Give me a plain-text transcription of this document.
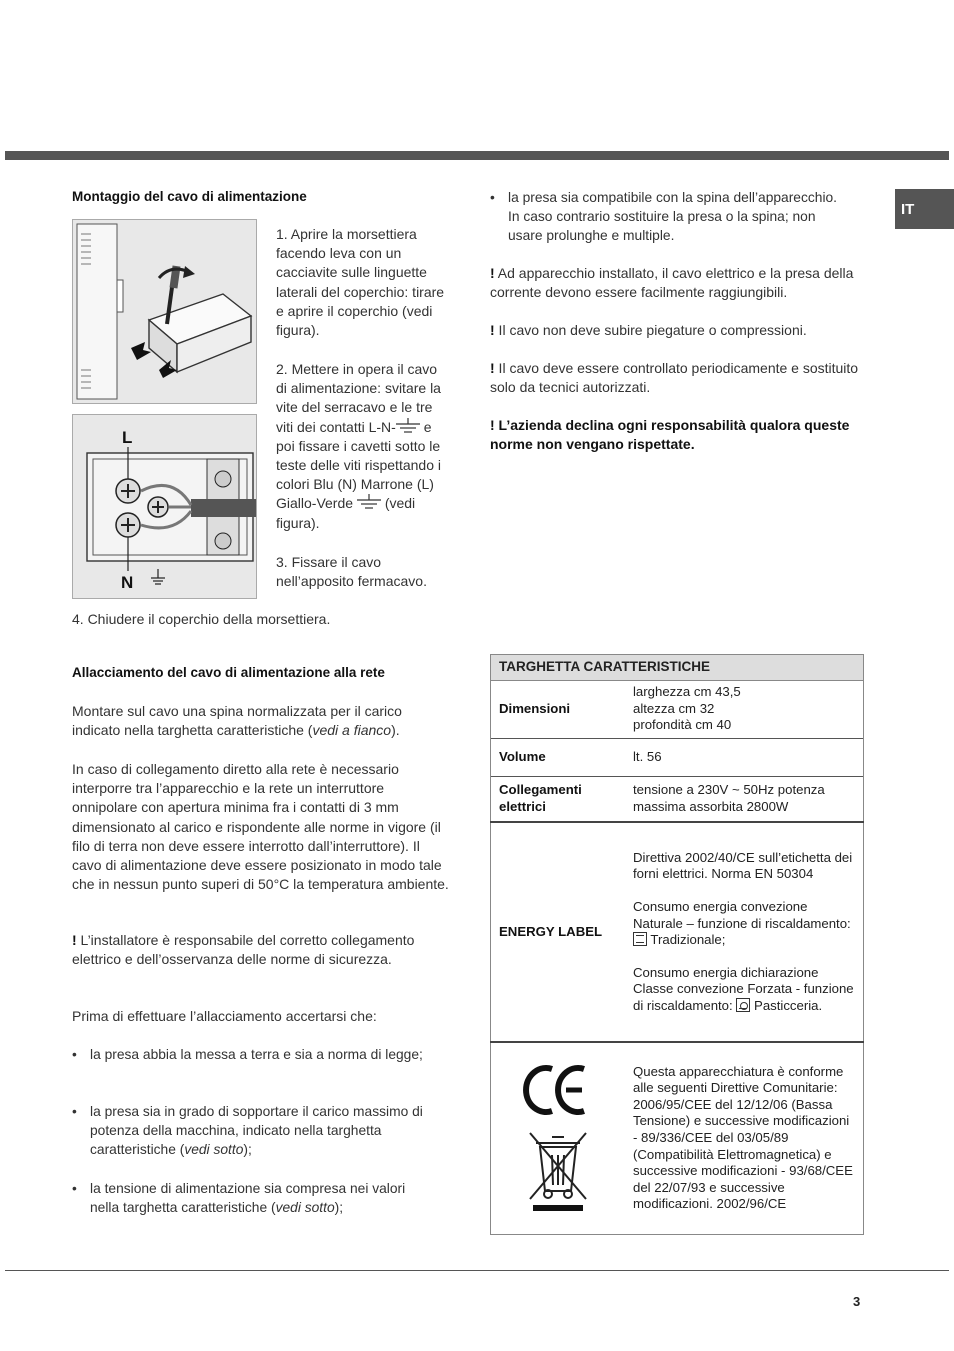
IT
Montaggio del cavo di alimentazione
L
N
1. Aprire la morsettiera facendo leva con un cacciavite sulle linguette laterali del coperchio: tirare e aprire il coperchio (vedi figura).
2. Mettere in opera il cavo di alimentazione: svitare la vite del serracavo e le tre viti dei contatti L-N- e poi fissare i cavetti sotto le teste delle viti rispettando i colori Blu (N) Marrone (L) Giallo-Verde  (vedi figura).
3. Fissare il cavo nell’apposito fermacavo.
4. Chiudere il coperchio della morsettiera.
Allacciamento del cavo di alimentazione alla rete
Montare sul cavo una spina normalizzata per il carico indicato nella targhetta caratteristiche (vedi a fianco).
In caso di collegamento diretto alla rete è necessario interporre tra l’apparecchio e la rete un interruttore onnipolare con apertura minima fra i contatti di 3 mm dimensionato al carico e rispondente alle norme in vigore (il filo di terra non deve essere interrotto dall’interruttore). Il cavo di alimentazione deve essere posizionato in modo tale che in nessun punto superi di 50°C la temperatura ambiente.
! L’installatore è responsabile del corretto collegamento elettrico e dell’osservanza delle norme di sicurezza.
Prima di effettuare l’allacciamento accertarsi che:
• la presa abbia la messa a terra e sia a norma di legge;
• la presa sia in grado di sopportare il carico massimo di potenza della macchina, indicato nella targhetta caratteristiche (vedi sotto);
• la tensione di alimentazione sia compresa nei valori nella targhetta caratteristiche (vedi sotto);
• la presa sia compatibile con la spina dell’apparecchio. In caso contrario sostituire la presa o la spina; non usare prolunghe e multiple.
! Ad apparecchio installato, il cavo elettrico e la presa della corrente devono essere facilmente raggiungibili.
! Il cavo non deve subire piegature o compressioni.
! Il cavo deve essere controllato periodicamente e sostituito solo da tecnici autorizzati.
! L’azienda declina ogni responsabilità qualora queste norme non vengano rispettate.
TARGHETTA CARATTERISTICHE	
Dimensioni	larghezza cm 43,5
altezza cm 32
profondità cm 40

Volume	lt. 56
Collegamenti elettrici	tensione a 230V ~ 50Hz potenza massima assorbita 2800W
ENERGY LABEL	Direttiva 2002/40/CE sull’etichetta dei forni elettrici. Norma EN 50304
Consumo energia convezione Naturale – funzione di riscaldamento:
Tradizionale;
Consumo energia dichiarazione Classe convezione Forzata - funzione di riscaldamento:
Pasticceria.

	Questa apparecchiatura è conforme alle seguenti Direttive Comunitarie: 2006/95/CEE del 12/12/06 (Bassa Tensione) e successive modificazioni - 89/336/CEE del 03/05/89 (Compatibilità Elettromagnetica) e successive modificazioni - 93/68/CEE del 22/07/93 e successive modificazioni. 2002/96/CE
3
